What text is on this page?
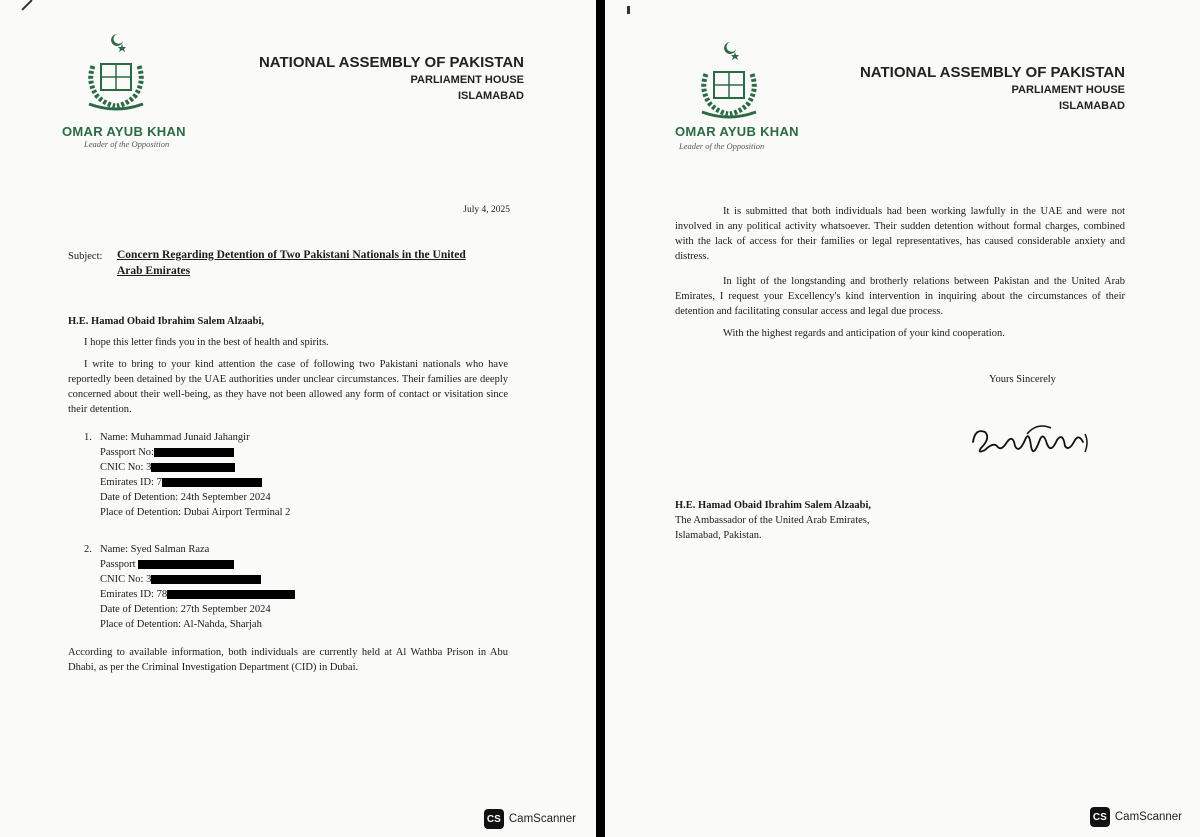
OMAR AYUB KHAN
Leader of the Opposition
NATIONAL ASSEMBLY OF PAKISTAN
PARLIAMENT HOUSE
ISLAMABAD
July 4, 2025
Subject: Concern Regarding Detention of Two Pakistani Nationals in the United
Arab Emirates
H.E. Hamad Obaid Ibrahim Salem Alzaabi,
I hope this letter finds you in the best of health and spirits.
I write to bring to your kind attention the case of following two Pakistani nationals who have reportedly been detained by the UAE authorities under unclear circumstances. Their families are deeply concerned about their well-being, as they have not been allowed any form of contact or visitation since their detention.
1. Name: Muhammad Junaid Jahangir
Passport No:
CNIC No: 3
Emirates ID: 7
Date of Detention: 24th September 2024
Place of Detention: Dubai Airport Terminal 2
2. Name: Syed Salman Raza
Passport
CNIC No: 3
Emirates ID: 78
Date of Detention: 27th September 2024
Place of Detention: Al-Nahda, Sharjah
According to available information, both individuals are currently held at Al Wathba Prison in Abu Dhabi, as per the Criminal Investigation Department (CID) in Dubai.
CS CamScanner
OMAR AYUB KHAN
Leader of the Opposition
NATIONAL ASSEMBLY OF PAKISTAN
PARLIAMENT HOUSE
ISLAMABAD
It is submitted that both individuals had been working lawfully in the UAE and were not involved in any political activity whatsoever. Their sudden detention without formal charges, combined with the lack of access for their families or legal representatives, has caused considerable anxiety and distress.
In light of the longstanding and brotherly relations between Pakistan and the United Arab Emirates, I request your Excellency's kind intervention in inquiring about the circumstances of their detention and facilitating consular access and legal due process.
With the highest regards and anticipation of your kind cooperation.
Yours Sincerely
H.E. Hamad Obaid Ibrahim Salem Alzaabi,
The Ambassador of the United Arab Emirates,
Islamabad, Pakistan.
CS CamScanner
